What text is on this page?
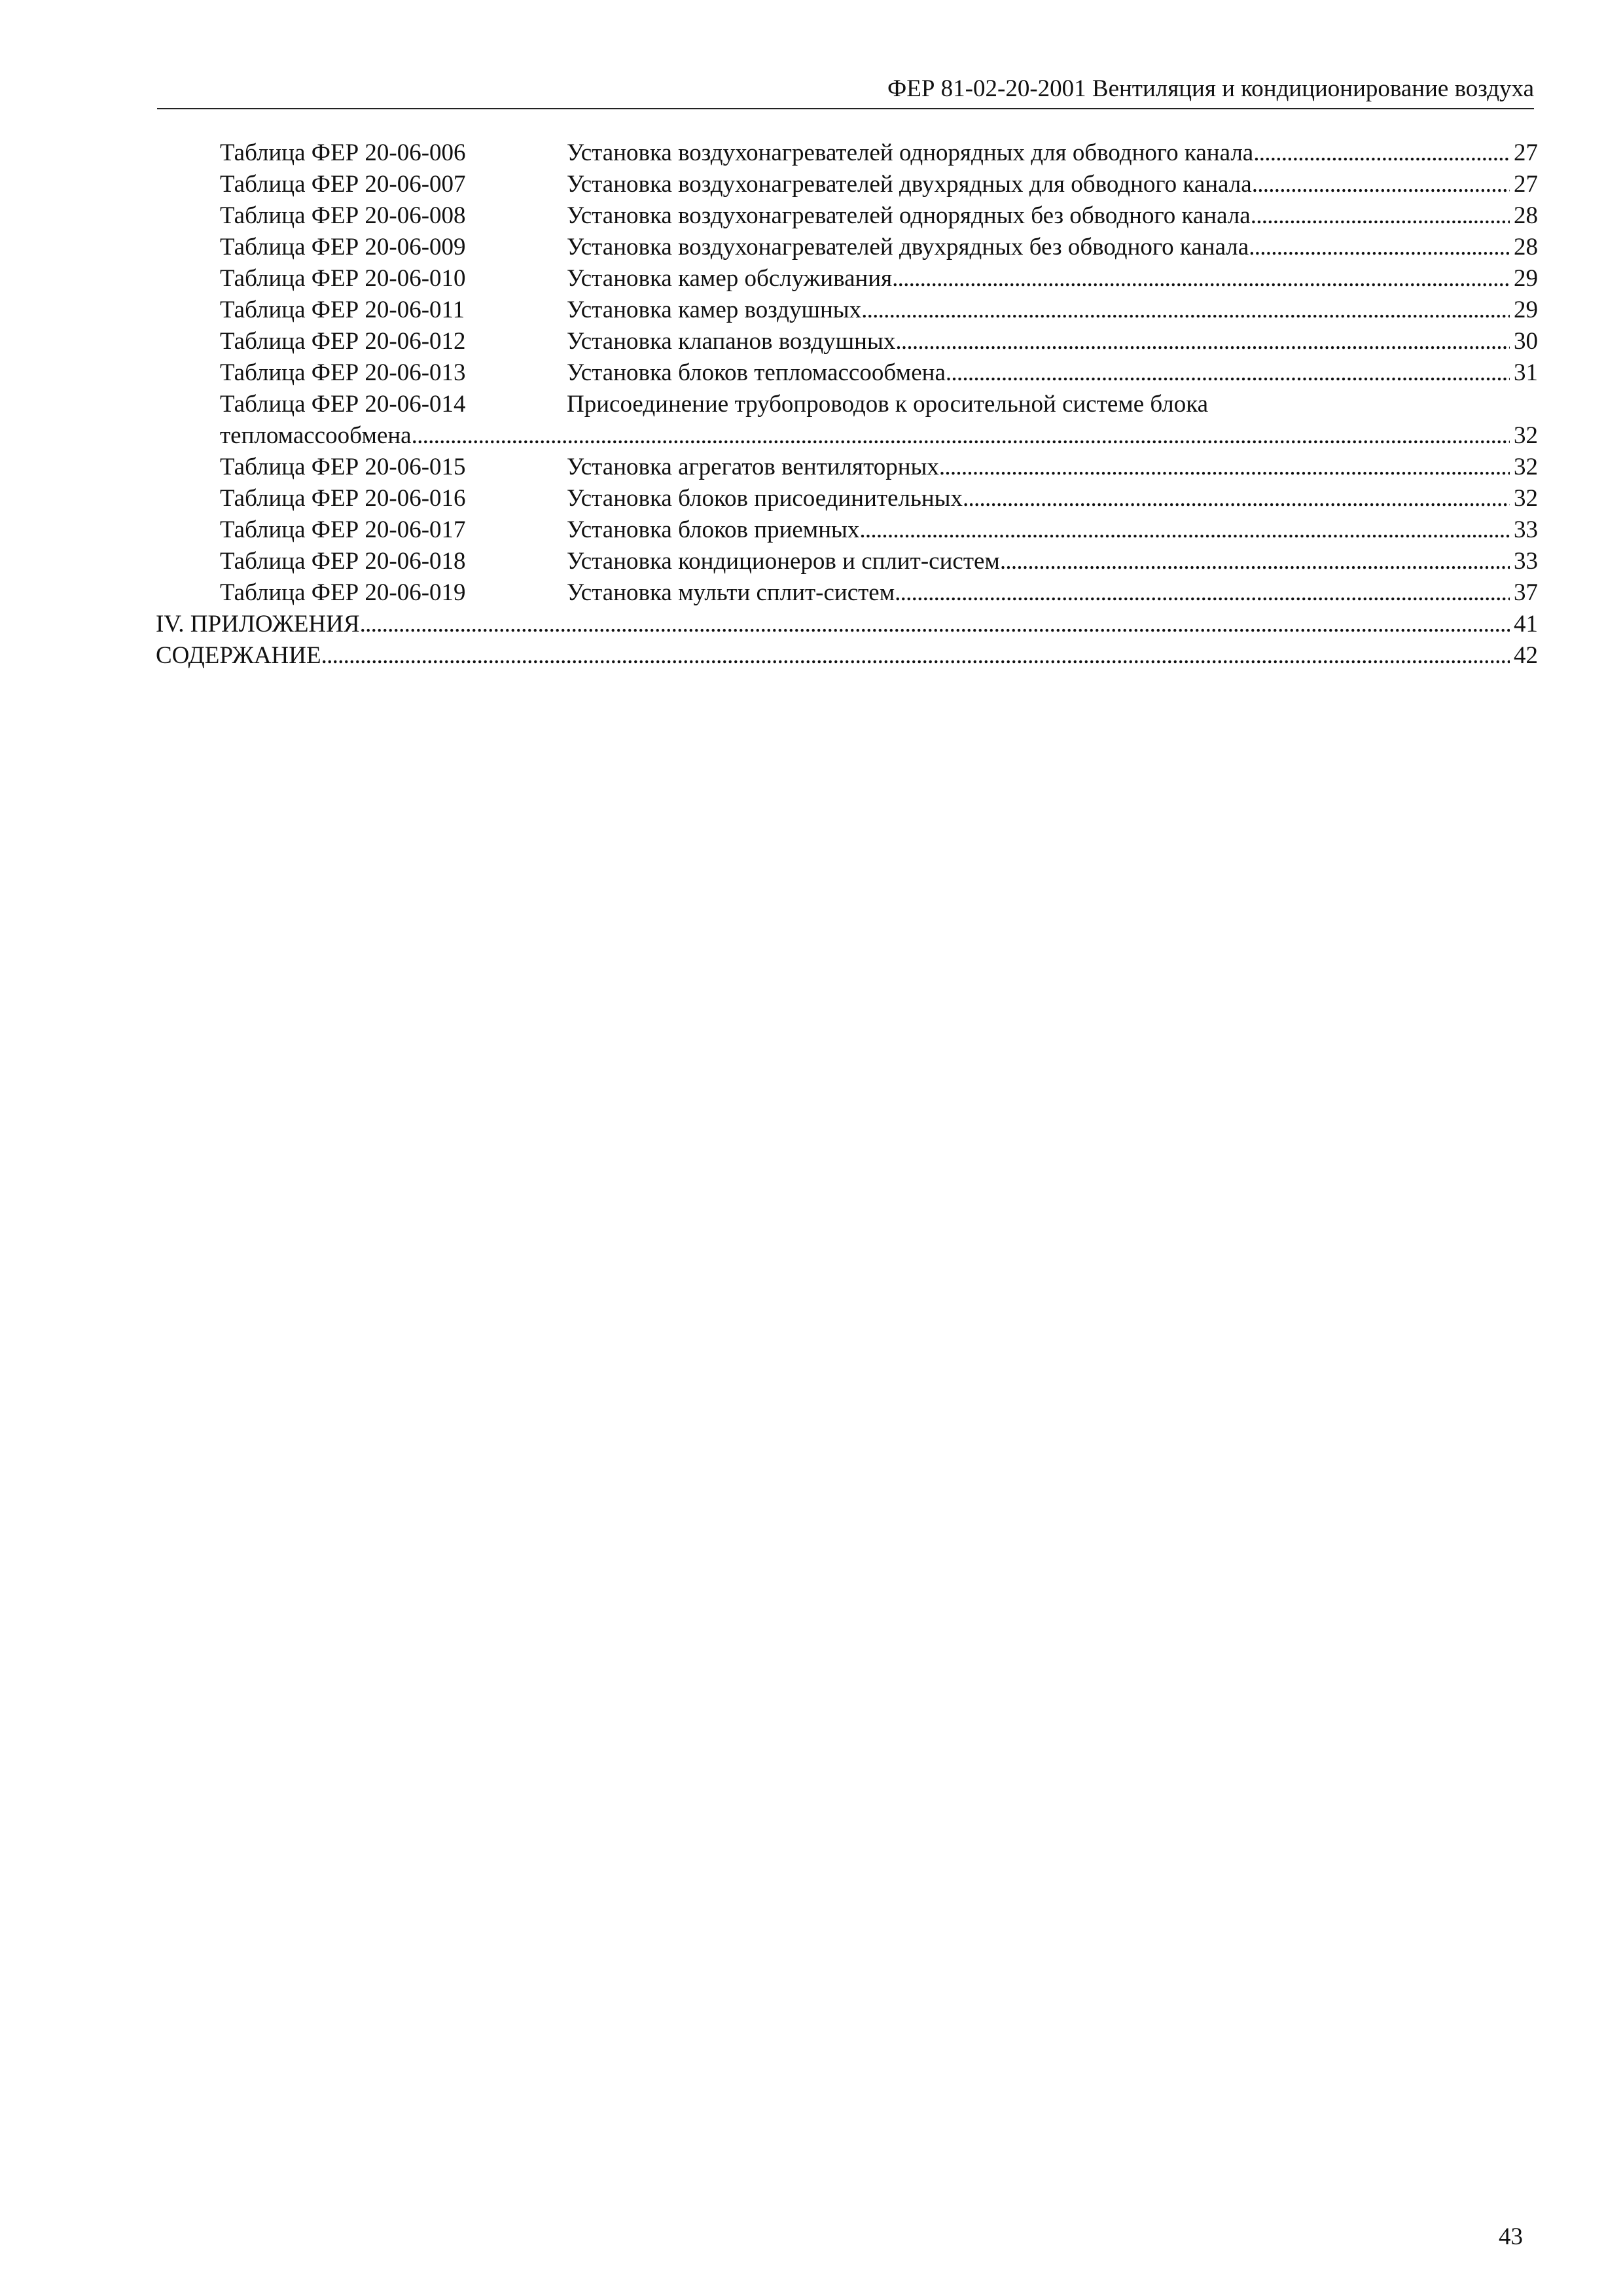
ФЕР 81-02-20-2001 Вентиляция и кондиционирование воздуха
Таблица ФЕР 20-06-006	Установка воздухонагревателей однорядных для обводного канала . . .	27
Таблица ФЕР 20-06-007	Установка воздухонагревателей двухрядных для обводного канала . . .	27
Таблица ФЕР 20-06-008	Установка воздухонагревателей однорядных без обводного канала . . .	28
Таблица ФЕР 20-06-009	Установка воздухонагревателей двухрядных без обводного канала . . .	28
Таблица ФЕР 20-06-010	Установка камер обслуживания . . .	29
Таблица ФЕР 20-06-011	Установка камер воздушных . . .	29
Таблица ФЕР 20-06-012	Установка клапанов воздушных . . .	30
Таблица ФЕР 20-06-013	Установка блоков тепломассообмена . . .	31
Таблица ФЕР 20-06-014	Присоединение трубопроводов к оросительной системе блока
тепломассообмена . . .	32
Таблица ФЕР 20-06-015	Установка агрегатов вентиляторных . . .	32
Таблица ФЕР 20-06-016	Установка блоков присоединительных . . .	32
Таблица ФЕР 20-06-017	Установка блоков приемных . . .	33
Таблица ФЕР 20-06-018	Установка кондиционеров и сплит-систем . . .	33
Таблица ФЕР 20-06-019	Установка мульти сплит-систем . . .	37
IV. ПРИЛОЖЕНИЯ . . .	41
СОДЕРЖАНИЕ . . .	42
43
